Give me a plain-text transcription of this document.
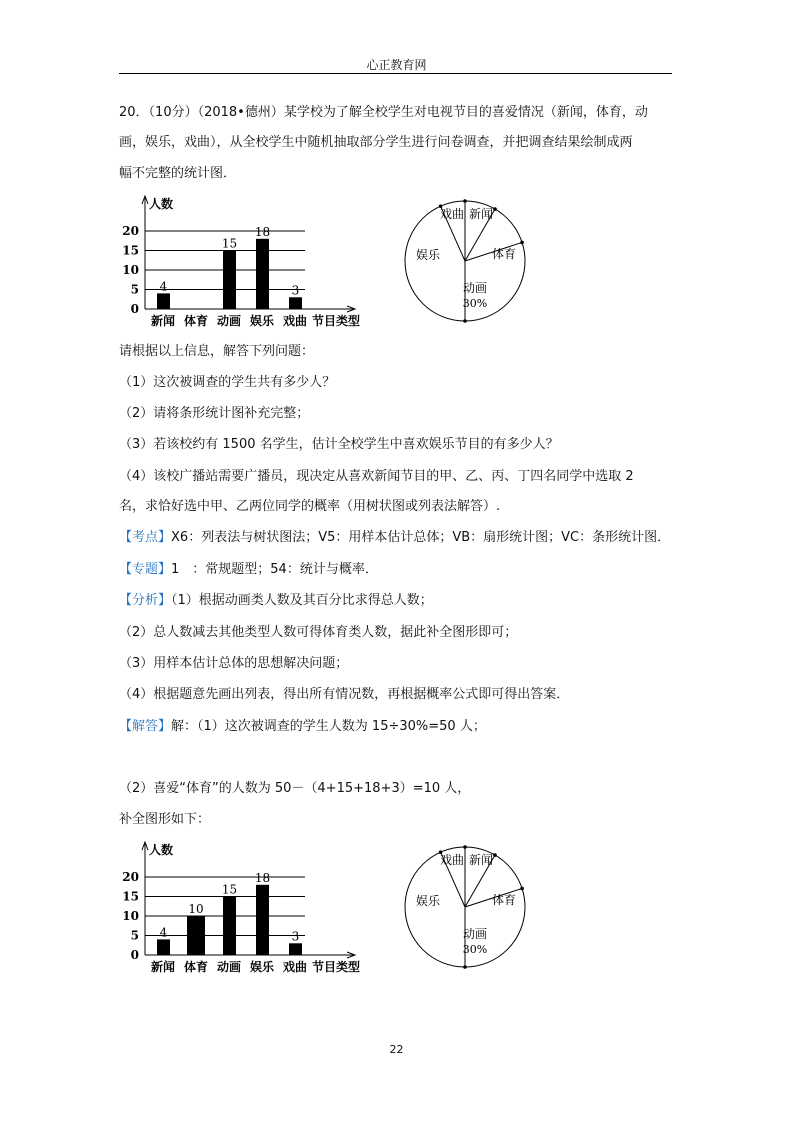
心正教育网
20．（10分）（2018•德州）某学校为了解全校学生对电视节目的喜爱情况（新闻，体育，动
画，娱乐，戏曲），从全校学生中随机抽取部分学生进行问卷调查，并把调查结果绘制成两
幅不完整的统计图．
人数
0
5
10
15
20
4
新闻 体育
15
动画
18
娱乐
3
戏曲 节目类型
戏曲 新闻
体育
动画
娱乐
30%
请根据以上信息，解答下列问题：
（1）这次被调查的学生共有多少人？
（2）请将条形统计图补充完整；
（3）若该校约有 1500 名学生，估计全校学生中喜欢娱乐节目的有多少人？
（4）该校广播站需要广播员，现决定从喜欢新闻节目的甲、乙、丙、丁四名同学中选取 2
名，求恰好选中甲、乙两位同学的概率（用树状图或列表法解答）.
【考点】X6：列表法与树状图法；V5：用样本估计总体；VB：扇形统计图；VC：条形统计图．
【专题】1　：常规题型；54：统计与概率．
【分析】（1）根据动画类人数及其百分比求得总人数；
（2）总人数减去其他类型人数可得体育类人数，据此补全图形即可；
（3）用样本估计总体的思想解决问题；
（4）根据题意先画出列表，得出所有情况数，再根据概率公式即可得出答案．
【解答】解：（1）这次被调查的学生人数为 15÷30%=50 人；
（2）喜爱“体育”的人数为 50－（4+15+18+3）=10 人，
补全图形如下：
人数
0
5
10
15
20
4
新闻
10
体育
15
动画
18
娱乐
3
戏曲 节目类型
戏曲 新闻
体育
动画
娱乐
30%
22
